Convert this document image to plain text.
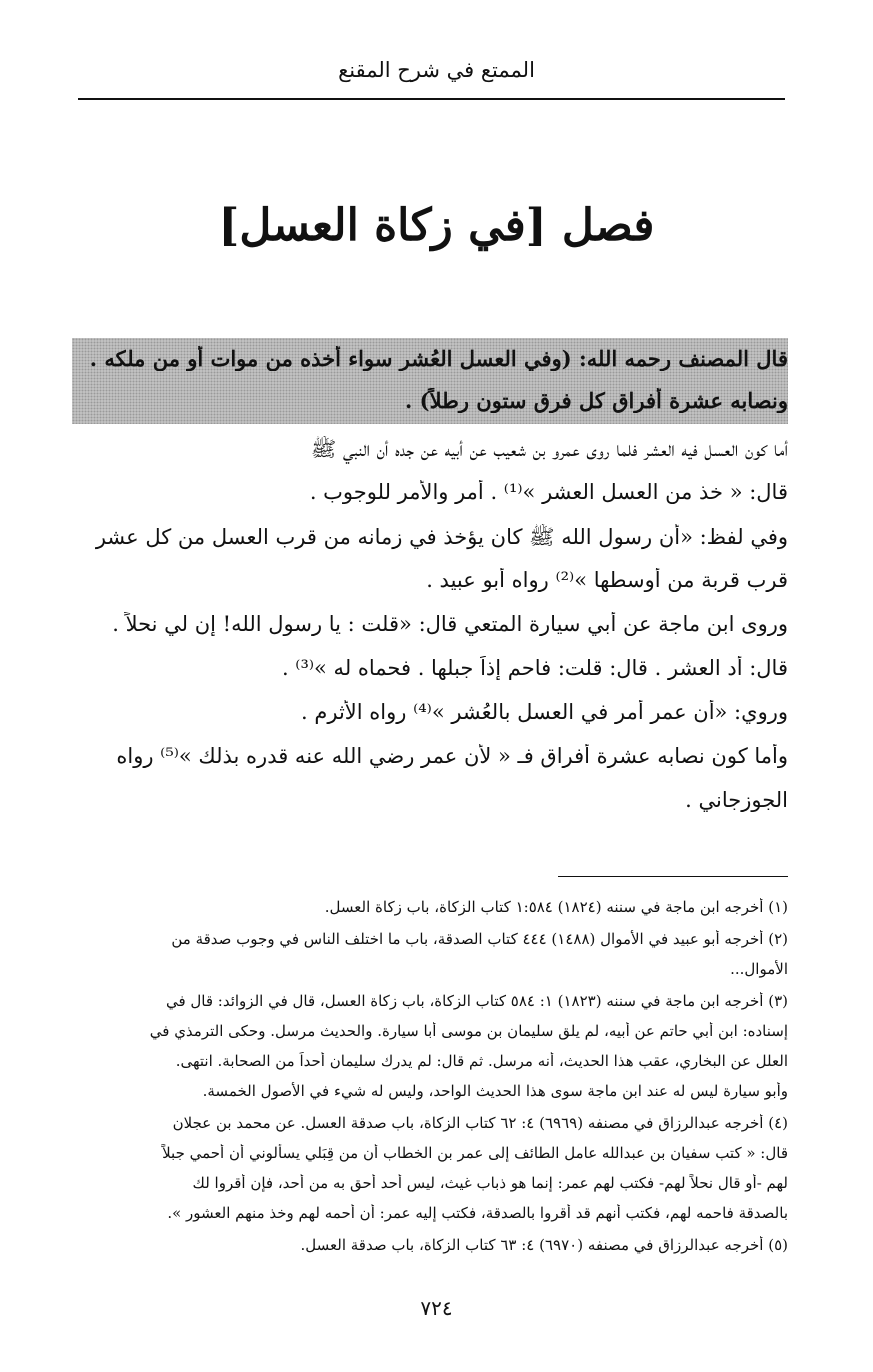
الممتع في شرح المقنع
فصل [في زكاة العسل]
قال المصنف رحمه الله: (وفي العسل العُشر سواء أخذه من موات أو من ملكه .
ونصابه عشرة أفراق كل فرق ستون رطلاً) .
أما كون العسل فيه العشر فلما روى عمرو بن شعيب عن أبيه عن جده أن النبي ﷺ
قال: « خذ من العسل العشر »⁽¹⁾ . أمر والأمر للوجوب .
وفي لفظ: «أن رسول الله ﷺ كان يؤخذ في زمانه من قرب العسل من كل عشر
قرب قربة من أوسطها »⁽²⁾ رواه أبو عبيد .
وروى ابن ماجة عن أبي سيارة المتعي قال: «قلت : يا رسول الله! إن لي نحلاً .
قال: أد العشر . قال: قلت: فاحم إذاً جبلها . فحماه له »⁽³⁾ .
وروي: «أن عمر أمر في العسل بالعُشر »⁽⁴⁾ رواه الأثرم .
وأما كون نصابه عشرة أفراق فـ « لأن عمر رضي الله عنه قدره بذلك »⁽⁵⁾ رواه
الجوزجاني .
(١) أخرجه ابن ماجة في سننه (١٨٢٤) ١:٥٨٤ كتاب الزكاة، باب زكاة العسل.
(٢) أخرجه أبو عبيد في الأموال (١٤٨٨) ٤٤٤ كتاب الصدقة، باب ما اختلف الناس في وجوب صدقة من
الأموال...
(٣) أخرجه ابن ماجة في سننه (١٨٢٣) ١: ٥٨٤ كتاب الزكاة، باب زكاة العسل، قال في الزوائد: قال في
إسناده: ابن أبي حاتم عن أبيه، لم يلق سليمان بن موسى أبا سيارة. والحديث مرسل. وحكى الترمذي في
العلل عن البخاري، عقب هذا الحديث، أنه مرسل. ثم قال: لم يدرك سليمان أحداً من الصحابة. انتهى.
وأبو سيارة ليس له عند ابن ماجة سوى هذا الحديث الواحد، وليس له شيء في الأصول الخمسة.
(٤) أخرجه عبدالرزاق في مصنفه (٦٩٦٩) ٤: ٦٢ كتاب الزكاة، باب صدقة العسل. عن محمد بن عجلان
قال: « كتب سفيان بن عبدالله عامل الطائف إلى عمر بن الخطاب أن من قِبَلي يسألوني أن أحمي جبلاً
لهم -أو قال نحلاً لهم- فكتب لهم عمر: إنما هو ذباب غيث، ليس أحد أحق به من أحد، فإن أقروا لك
بالصدقة فاحمه لهم، فكتب أنهم قد أقروا بالصدقة، فكتب إليه عمر: أن أحمه لهم وخذ منهم العشور ».
(٥) أخرجه عبدالرزاق في مصنفه (٦٩٧٠) ٤: ٦٣ كتاب الزكاة، باب صدقة العسل.
٧٢٤
